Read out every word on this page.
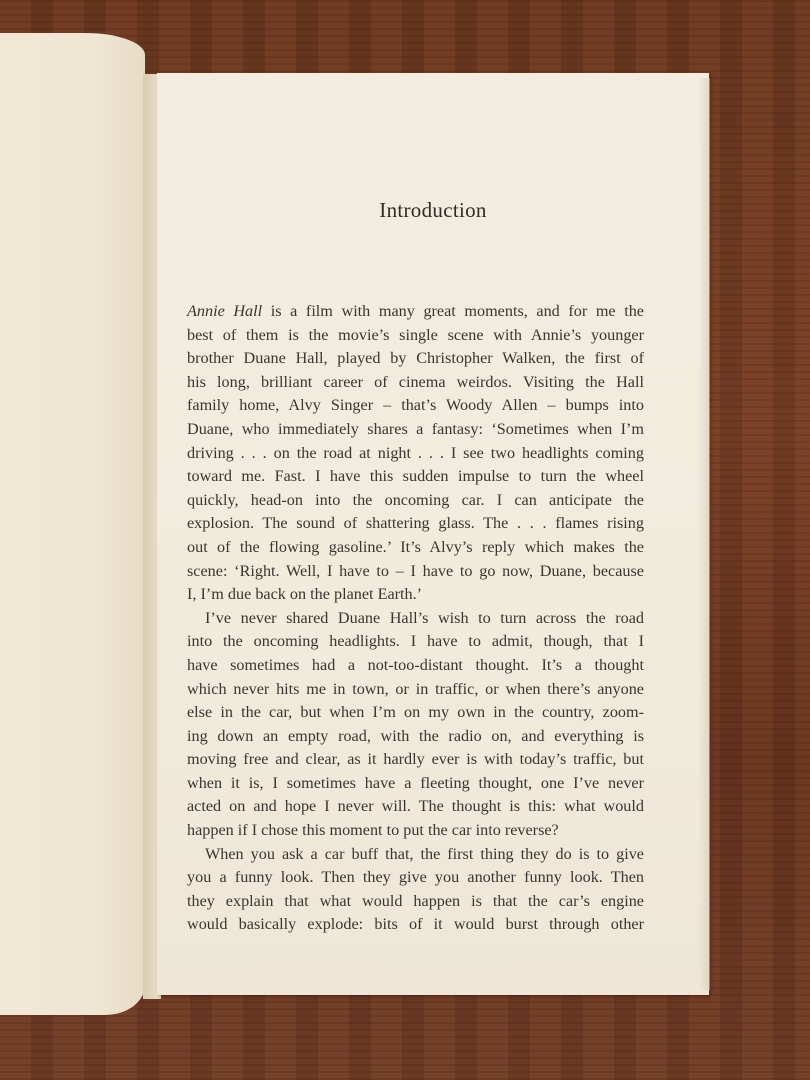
Introduction
Annie Hall is a film with many great moments, and for me the
best of them is the movie’s single scene with Annie’s younger
brother Duane Hall, played by Christopher Walken, the first of
his long, brilliant career of cinema weirdos. Visiting the Hall
family home, Alvy Singer – that’s Woody Allen – bumps into
Duane, who immediately shares a fantasy: ‘Sometimes when I’m
driving . . . on the road at night . . . I see two headlights coming
toward me. Fast. I have this sudden impulse to turn the wheel
quickly, head-on into the oncoming car. I can anticipate the
explosion. The sound of shattering glass. The . . . flames rising
out of the flowing gasoline.’ It’s Alvy’s reply which makes the
scene: ‘Right. Well, I have to – I have to go now, Duane, because
I, I’m due back on the planet Earth.’
I’ve never shared Duane Hall’s wish to turn across the road
into the oncoming headlights. I have to admit, though, that I
have sometimes had a not-too-distant thought. It’s a thought
which never hits me in town, or in traffic, or when there’s anyone
else in the car, but when I’m on my own in the country, zoom-
ing down an empty road, with the radio on, and everything is
moving free and clear, as it hardly ever is with today’s traffic, but
when it is, I sometimes have a fleeting thought, one I’ve never
acted on and hope I never will. The thought is this: what would
happen if I chose this moment to put the car into reverse?
When you ask a car buff that, the first thing they do is to give
you a funny look. Then they give you another funny look. Then
they explain that what would happen is that the car’s engine
would basically explode: bits of it would burst through other
